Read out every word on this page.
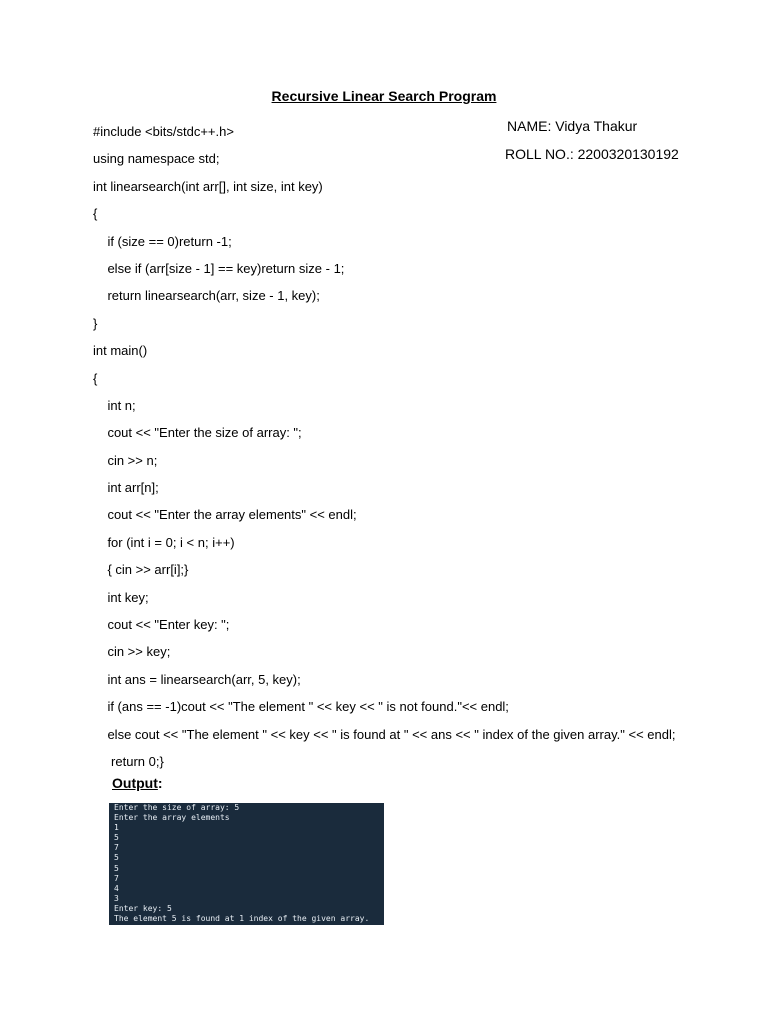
Recursive Linear Search Program
NAME: Vidya Thakur
ROLL NO.: 2200320130192
#include <bits/stdc++.h>
using namespace std;
int linearsearch(int arr[], int size, int key)
{
if (size == 0)return -1;
else if (arr[size - 1] == key)return size - 1;
return linearsearch(arr, size - 1, key);
}
int main()
{
int n;
cout << "Enter the size of array: ";
cin >> n;
int arr[n];
cout << "Enter the array elements" << endl;
for (int i = 0; i < n; i++)
{ cin >> arr[i];}
int key;
cout << "Enter key: ";
cin >> key;
int ans = linearsearch(arr, 5, key);
if (ans == -1)cout << "The element " << key << " is not found."<< endl;
else cout << "The element " << key << " is found at " << ans << " index of the given array." << endl;
return 0;}
Output:
Enter the size of array: 5
Enter the array elements
1
5
7
5
5
7
4
3
Enter key: 5
The element 5 is found at 1 index of the given array.
